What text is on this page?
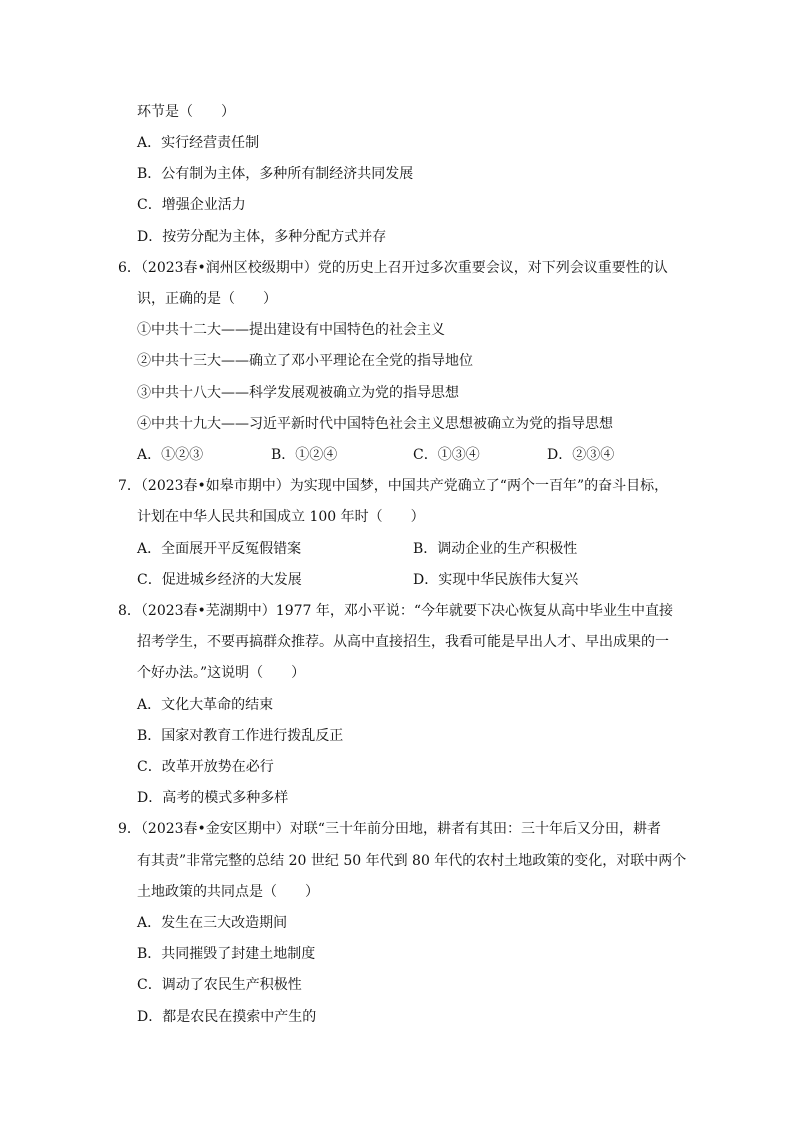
环节是（　　）
A．实行经营责任制
B．公有制为主体，多种所有制经济共同发展
C．增强企业活力
D．按劳分配为主体，多种分配方式并存
6．（2023春•润州区校级期中）党的历史上召开过多次重要会议，对下列会议重要性的认
识，正确的是（　　）
①中共十二大——提出建设有中国特色的社会主义
②中共十三大——确立了邓小平理论在全党的指导地位
③中共十八大——科学发展观被确立为党的指导思想
④中共十九大——习近平新时代中国特色社会主义思想被确立为党的指导思想
A．①②③	B．①②④	C．①③④	D．②③④
7．（2023春•如皋市期中）为实现中国梦，中国共产党确立了“两个一百年”的奋斗目标，
计划在中华人民共和国成立 100 年时（　　）
A．全面展开平反冤假错案	B．调动企业的生产积极性
C．促进城乡经济的大发展	D．实现中华民族伟大复兴
8．（2023春•芜湖期中）1977 年，邓小平说：“今年就要下决心恢复从高中毕业生中直接
招考学生，不要再搞群众推荐。从高中直接招生，我看可能是早出人才、早出成果的一
个好办法。”这说明（　　）
A．文化大革命的结束
B．国家对教育工作进行拨乱反正
C．改革开放势在必行
D．高考的模式多种多样
9．（2023春•金安区期中）对联“三十年前分田地，耕者有其田：三十年后又分田，耕者
有其责”非常完整的总结 20 世纪 50 年代到 80 年代的农村土地政策的变化，对联中两个
土地政策的共同点是（　　）
A．发生在三大改造期间
B．共同摧毁了封建土地制度
C．调动了农民生产积极性
D．都是农民在摸索中产生的
